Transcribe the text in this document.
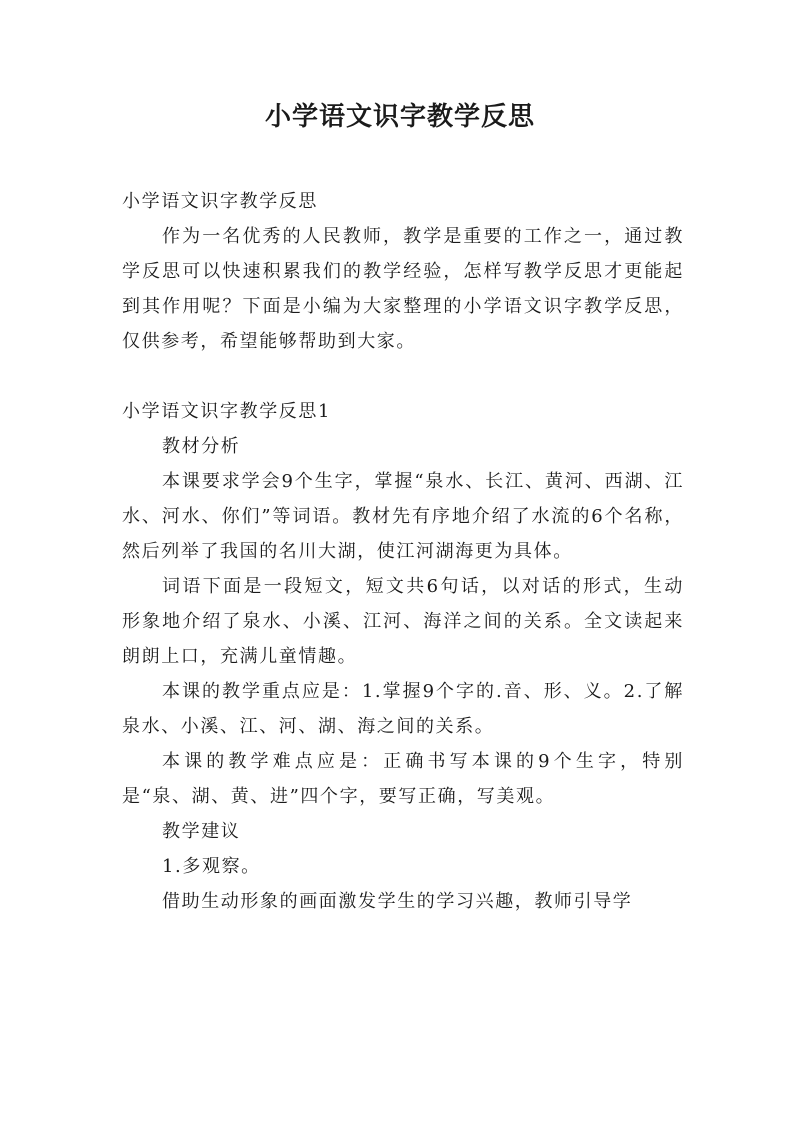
小学语文识字教学反思

小学语文识字教学反思

作为一名优秀的人民教师，教学是重要的工作之一，通过教学反思可以快速积累我们的教学经验，怎样写教学反思才更能起到其作用呢？下面是小编为大家整理的小学语文识字教学反思，仅供参考，希望能够帮助到大家。

小学语文识字教学反思1

教材分析

本课要求学会9个生字，掌握“泉水、长江、黄河、西湖、江水、河水、你们”等词语。教材先有序地介绍了水流的6个名称，然后列举了我国的名川大湖，使江河湖海更为具体。

词语下面是一段短文，短文共6句话，以对话的形式，生动形象地介绍了泉水、小溪、江河、海洋之间的关系。全文读起来朗朗上口，充满儿童情趣。

本课的教学重点应是：1.掌握9个字的.音、形、义。2.了解泉水、小溪、江、河、湖、海之间的关系。

本课的教学难点应是：正确书写本课的9个生字，特别是“泉、湖、黄、进”四个字，要写正确，写美观。

教学建议

1.多观察。

借助生动形象的画面激发学生的学习兴趣，教师引导学
